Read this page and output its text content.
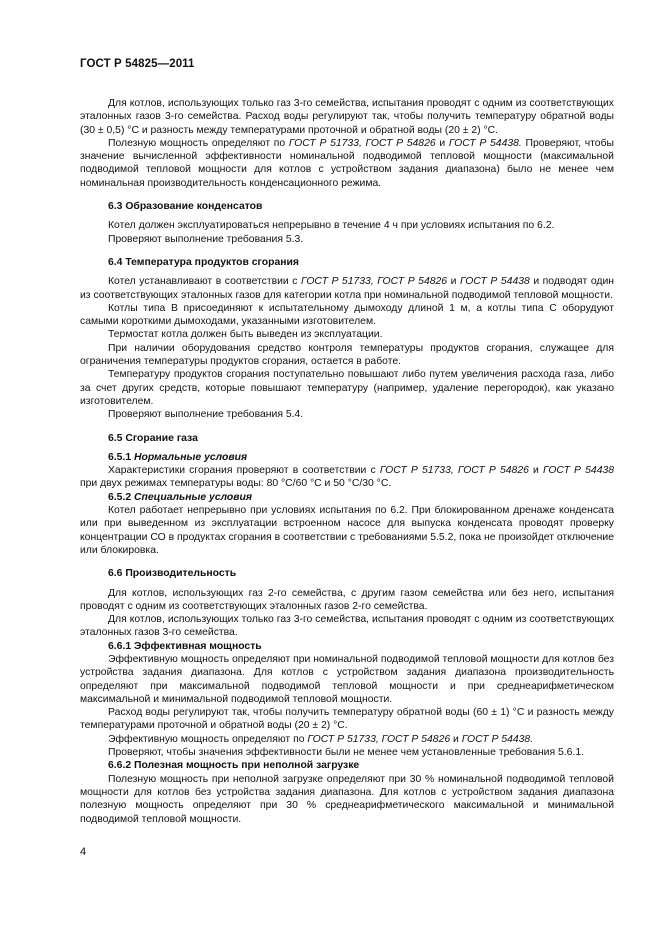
ГОСТ Р 54825—2011
Для котлов, использующих только газ 3-го семейства, испытания проводят с одним из соответствующих эталонных газов 3-го семейства. Расход воды регулируют так, чтобы получить температуру обратной воды (30 ± 0,5) °С и разность между температурами проточной и обратной воды (20 ± 2) °С.
Полезную мощность определяют по ГОСТ Р 51733, ГОСТ Р 54826 и ГОСТ Р 54438. Проверяют, чтобы значение вычисленной эффективности номинальной подводимой тепловой мощности (максимальной подводимой тепловой мощности для котлов с устройством задания диапазона) было не менее чем номинальная производительность конденсационного режима.
6.3 Образование конденсатов
Котел должен эксплуатироваться непрерывно в течение 4 ч при условиях испытания по 6.2.
Проверяют выполнение требования 5.3.
6.4 Температура продуктов сгорания
Котел устанавливают в соответствии с ГОСТ Р 51733, ГОСТ Р 54826 и ГОСТ Р 54438 и подводят один из соответствующих эталонных газов для категории котла при номинальной подводимой тепловой мощности.
Котлы типа В присоединяют к испытательному дымоходу длиной 1 м, а котлы типа С оборудуют самыми короткими дымоходами, указанными изготовителем.
Термостат котла должен быть выведен из эксплуатации.
При наличии оборудования средство контроля температуры продуктов сгорания, служащее для ограничения температуры продуктов сгорания, остается в работе.
Температуру продуктов сгорания поступательно повышают либо путем увеличения расхода газа, либо за счет других средств, которые повышают температуру (например, удаление перегородок), как указано изготовителем.
Проверяют выполнение требования 5.4.
6.5 Сгорание газа
6.5.1 Нормальные условия
Характеристики сгорания проверяют в соответствии с ГОСТ Р 51733, ГОСТ Р 54826 и ГОСТ Р 54438 при двух режимах температуры воды: 80 °С/60 °С и 50 °С/30 °С.
6.5.2 Специальные условия
Котел работает непрерывно при условиях испытания по 6.2. При блокированном дренаже конденсата или при выведенном из эксплуатации встроенном насосе для выпуска конденсата проводят проверку концентрации СО в продуктах сгорания в соответствии с требованиями 5.5.2, пока не произойдет отключение или блокировка.
6.6 Производительность
Для котлов, использующих газ 2-го семейства, с другим газом семейства или без него, испытания проводят с одним из соответствующих эталонных газов 2-го семейства.
Для котлов, использующих только газ 3-го семейства, испытания проводят с одним из соответствующих эталонных газов 3-го семейства.
6.6.1 Эффективная мощность
Эффективную мощность определяют при номинальной подводимой тепловой мощности для котлов без устройства задания диапазона. Для котлов с устройством задания диапазона производительность определяют при максимальной подводимой тепловой мощности и при среднеарифметическом максимальной и минимальной подводимой тепловой мощности.
Расход воды регулируют так, чтобы получить температуру обратной воды (60 ± 1) °С и разность между температурами проточной и обратной воды (20 ± 2) °С.
Эффективную мощность определяют по ГОСТ Р 51733, ГОСТ Р 54826 и ГОСТ Р 54438.
Проверяют, чтобы значения эффективности были не менее чем установленные требования 5.6.1.
6.6.2 Полезная мощность при неполной загрузке
Полезную мощность при неполной загрузке определяют при 30 % номинальной подводимой тепловой мощности для котлов без устройства задания диапазона. Для котлов с устройством задания диапазона полезную мощность определяют при 30 % среднеарифметического максимальной и минимальной подводимой тепловой мощности.
4
